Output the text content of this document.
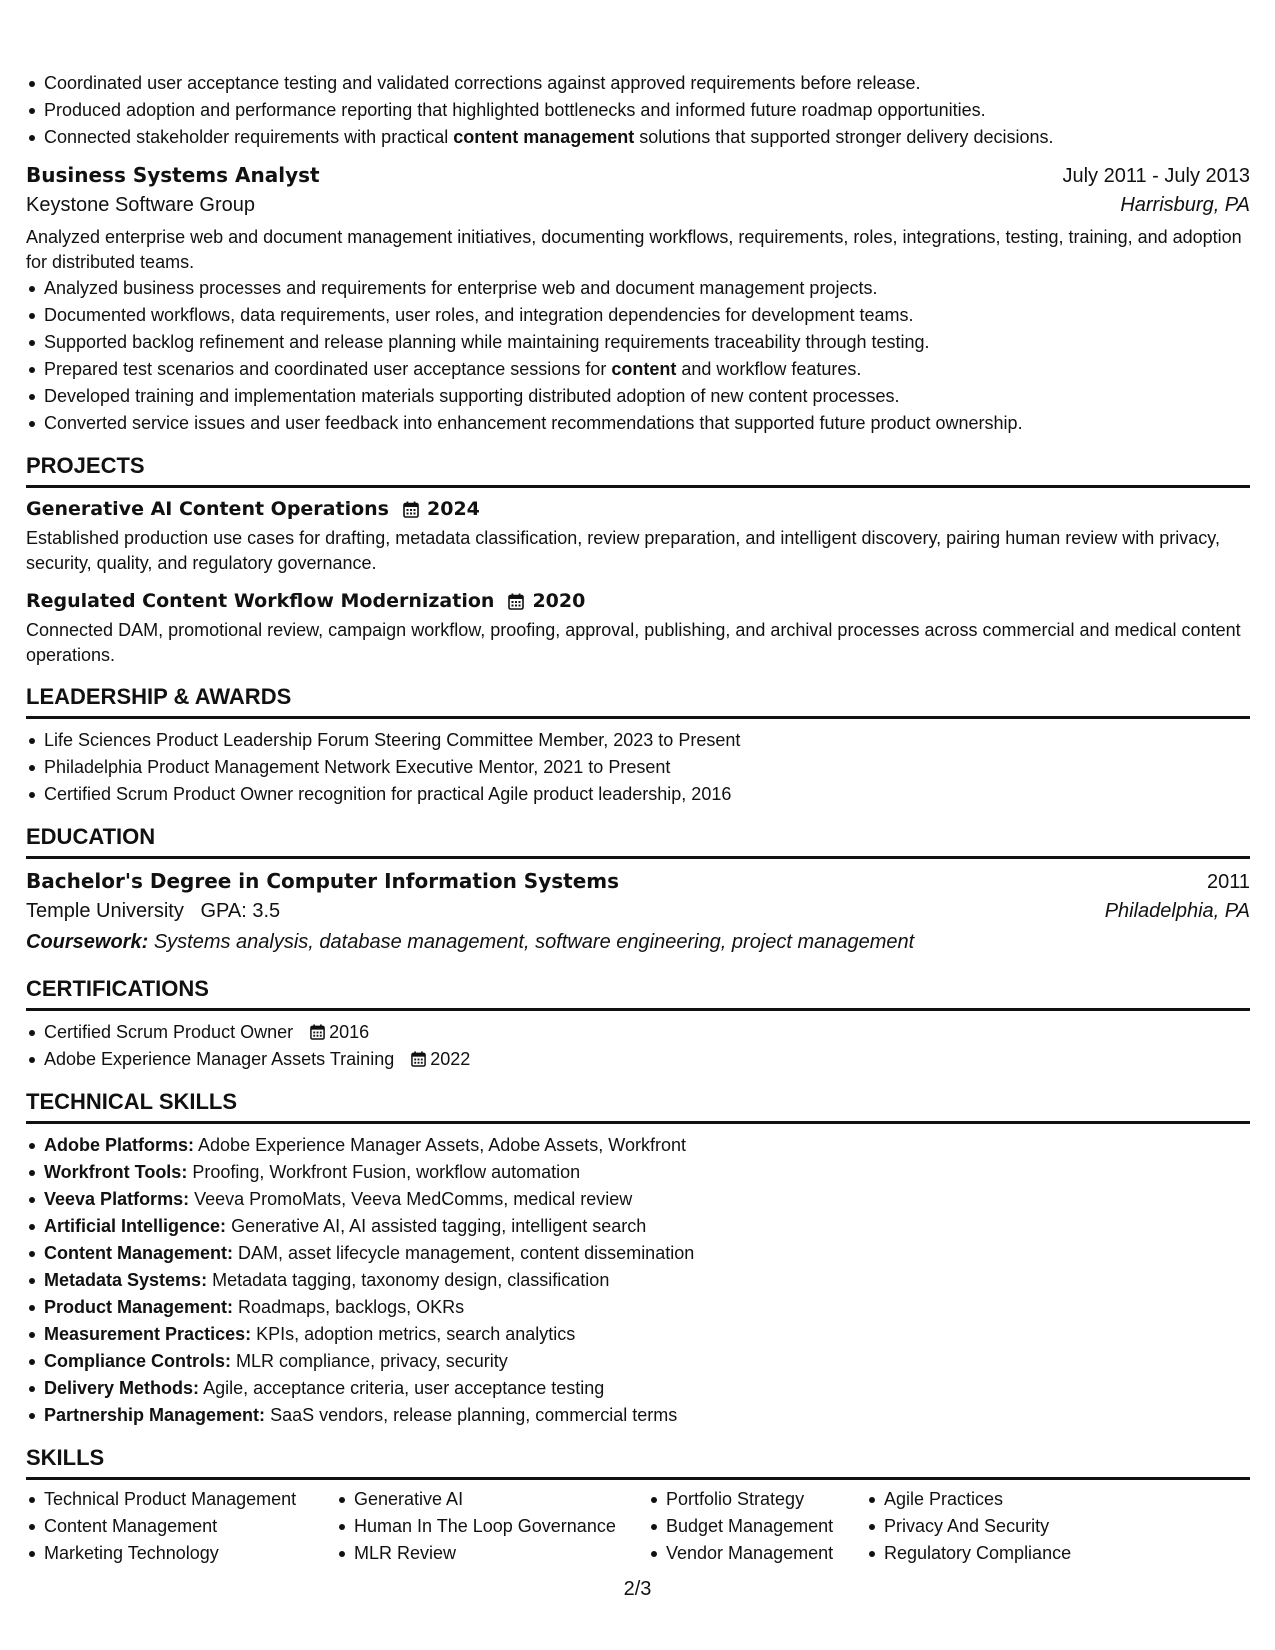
Coordinated user acceptance testing and validated corrections against approved requirements before release.
Produced adoption and performance reporting that highlighted bottlenecks and informed future roadmap opportunities.
Connected stakeholder requirements with practical content management solutions that supported stronger delivery decisions.
Business Systems Analyst	July 2011 - July 2013
Keystone Software Group	Harrisburg, PA
Analyzed enterprise web and document management initiatives, documenting workflows, requirements, roles, integrations, testing, training, and adoption for distributed teams.
Analyzed business processes and requirements for enterprise web and document management projects.
Documented workflows, data requirements, user roles, and integration dependencies for development teams.
Supported backlog refinement and release planning while maintaining requirements traceability through testing.
Prepared test scenarios and coordinated user acceptance sessions for content and workflow features.
Developed training and implementation materials supporting distributed adoption of new content processes.
Converted service issues and user feedback into enhancement recommendations that supported future product ownership.
PROJECTS
Generative AI Content Operations 2024
Established production use cases for drafting, metadata classification, review preparation, and intelligent discovery, pairing human review with privacy, security, quality, and regulatory governance.
Regulated Content Workflow Modernization 2020
Connected DAM, promotional review, campaign workflow, proofing, approval, publishing, and archival processes across commercial and medical content operations.
LEADERSHIP & AWARDS
Life Sciences Product Leadership Forum Steering Committee Member, 2023 to Present
Philadelphia Product Management Network Executive Mentor, 2021 to Present
Certified Scrum Product Owner recognition for practical Agile product leadership, 2016
EDUCATION
Bachelor's Degree in Computer Information Systems	2011
Temple University GPA: 3.5	Philadelphia, PA
Coursework: Systems analysis, database management, software engineering, project management
CERTIFICATIONS
Certified Scrum Product Owner 2016
Adobe Experience Manager Assets Training 2022
TECHNICAL SKILLS
Adobe Platforms: Adobe Experience Manager Assets, Adobe Assets, Workfront
Workfront Tools: Proofing, Workfront Fusion, workflow automation
Veeva Platforms: Veeva PromoMats, Veeva MedComms, medical review
Artificial Intelligence: Generative AI, AI assisted tagging, intelligent search
Content Management: DAM, asset lifecycle management, content dissemination
Metadata Systems: Metadata tagging, taxonomy design, classification
Product Management: Roadmaps, backlogs, OKRs
Measurement Practices: KPIs, adoption metrics, search analytics
Compliance Controls: MLR compliance, privacy, security
Delivery Methods: Agile, acceptance criteria, user acceptance testing
Partnership Management: SaaS vendors, release planning, commercial terms
SKILLS
Technical Product Management
Content Management
Marketing Technology
Generative AI
Human In The Loop Governance
MLR Review
Portfolio Strategy
Budget Management
Vendor Management
Agile Practices
Privacy And Security
Regulatory Compliance
2/3
